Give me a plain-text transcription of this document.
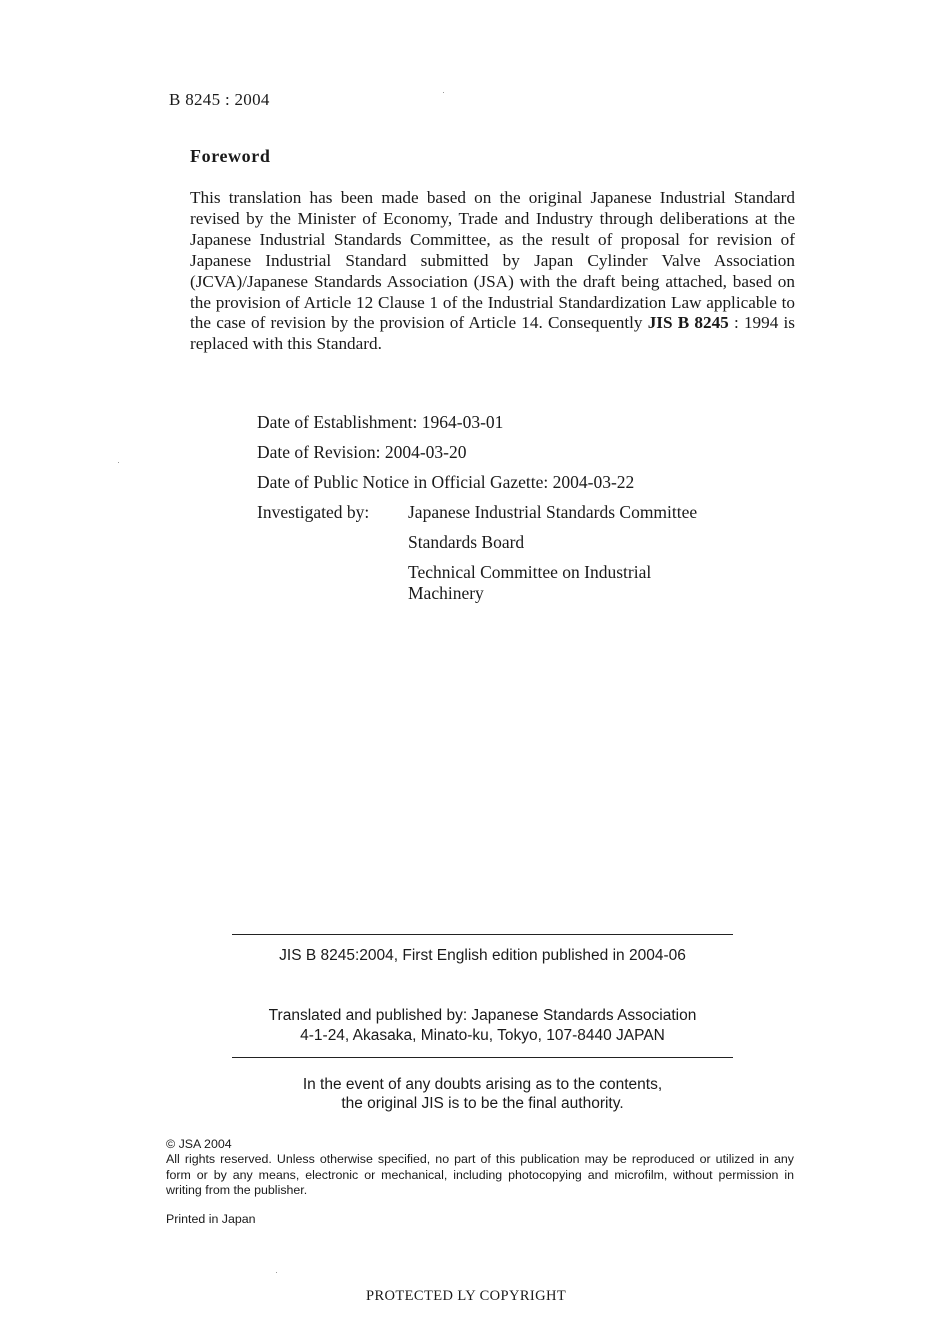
B 8245 : 2004
Foreword
This translation has been made based on the original Japanese Industrial Standard revised by the Minister of Economy, Trade and Industry through deliberations at the Japanese Industrial Standards Committee, as the result of proposal for revision of Japanese Industrial Standard submitted by Japan Cylinder Valve Association (JCVA)/Japanese Standards Association (JSA) with the draft being attached, based on the provision of Article 12 Clause 1 of the Industrial Standardization Law applicable to the case of revision by the provision of Article 14. Consequently JIS B 8245 : 1994 is replaced with this Standard.
Date of Establishment: 1964-03-01
Date of Revision: 2004-03-20
Date of Public Notice in Official Gazette: 2004-03-22
Investigated by: Japanese Industrial Standards Committee
Standards Board
Technical Committee on Industrial Machinery
JIS B 8245:2004, First English edition published in 2004-06
Translated and published by: Japanese Standards Association
4-1-24, Akasaka, Minato-ku, Tokyo, 107-8440 JAPAN
In the event of any doubts arising as to the contents,
the original JIS is to be the final authority.
© JSA 2004
All rights reserved. Unless otherwise specified, no part of this publication may be reproduced or utilized in any form or by any means, electronic or mechanical, including photocopying and microfilm, without permission in writing from the publisher.
Printed in Japan
PROTECTED LY COPYRIGHT
